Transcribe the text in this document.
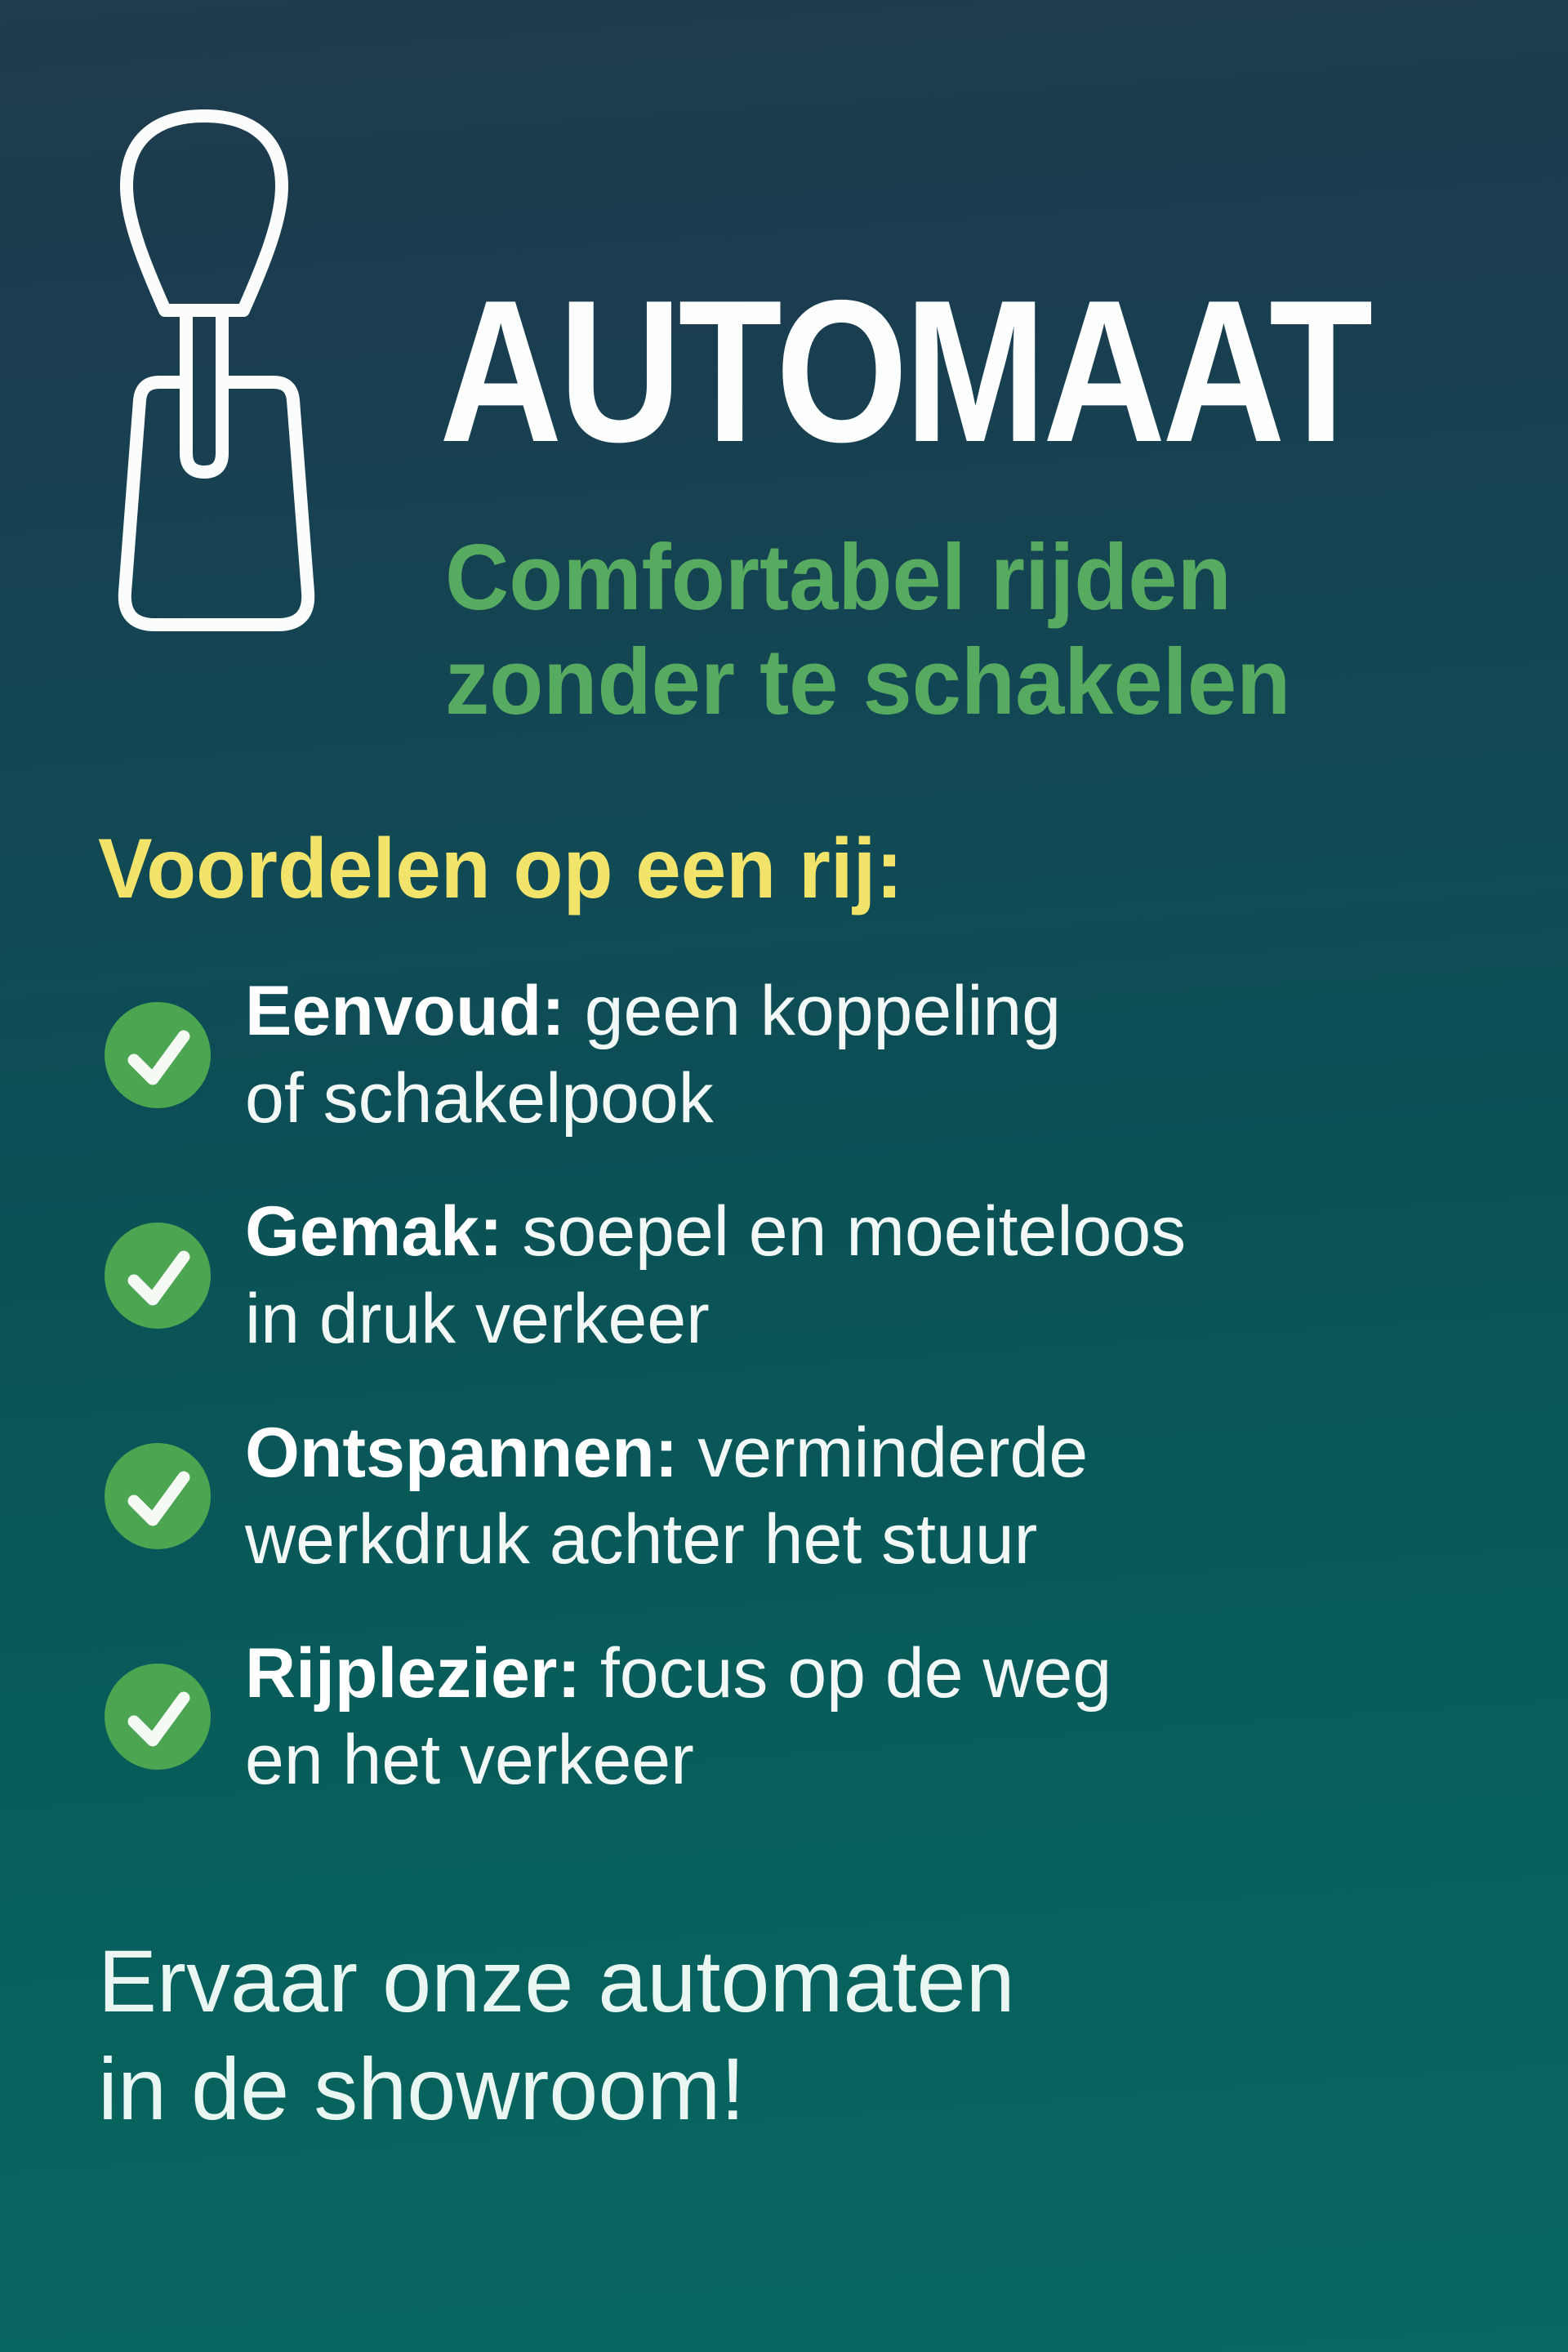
AUTOMAAT
Comfortabel rijden
zonder te schakelen
Voordelen op een rij:
Eenvoud: geen koppeling
of schakelpook
Gemak: soepel en moeiteloos
in druk verkeer
Ontspannen: verminderde
werkdruk achter het stuur
Rijplezier: focus op de weg
en het verkeer
Ervaar onze automaten
in de showroom!
